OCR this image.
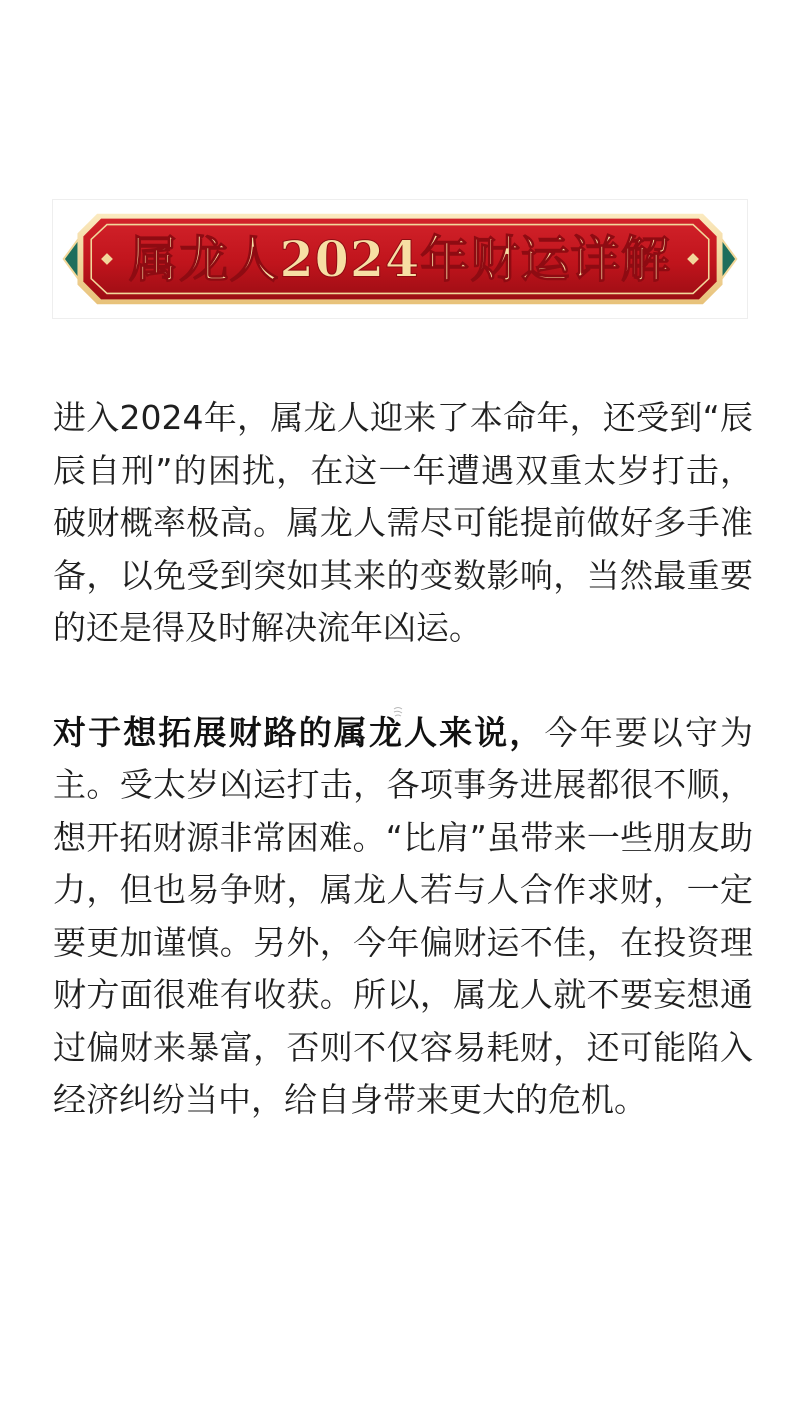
属龙人2024年财运详解

进入2024年，属龙人迎来了本命年，还受到“辰辰自刑”的困扰，在这一年遭遇双重太岁打击，破财概率极高。属龙人需尽可能提前做好多手准备，以免受到突如其来的变数影响，当然最重要的还是得及时解决流年凶运。

对于想拓展财路的属龙人来说，今年要以守为主。受太岁凶运打击，各项事务进展都很不顺，想开拓财源非常困难。“比肩”虽带来一些朋友助力，但也易争财，属龙人若与人合作求财，一定要更加谨慎。另外，今年偏财运不佳，在投资理财方面很难有收获。所以，属龙人就不要妄想通过偏财来暴富，否则不仅容易耗财，还可能陷入经济纠纷当中，给自身带来更大的危机。
